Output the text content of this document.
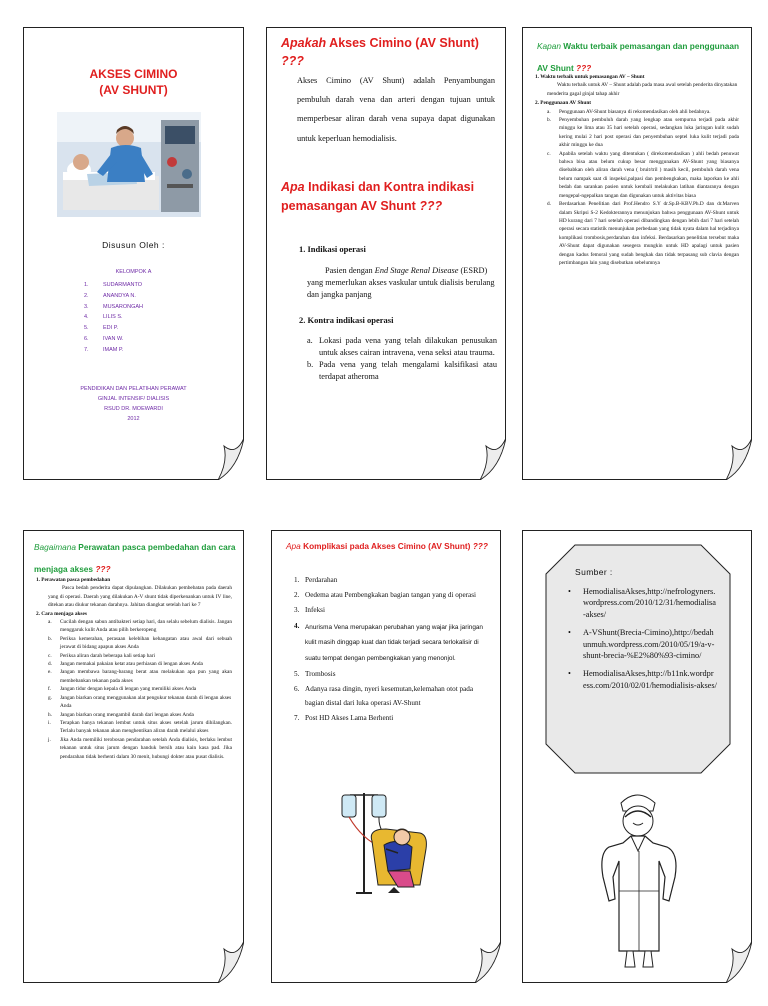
AKSES CIMINO
(AV SHUNT)
Disusun Oleh :
KELOMPOK A
1.	SUDARMANTO
2.	ANANDYA N.
3.	MUSARONGAH
4.	LILIS S.
5.	EDI P.
6.	IVAN W.
7.	IMAM P.
PENDIDIKAN DAN PELATIHAN PERAWAT
GINJAL INTENSIF/ DIALISIS
RSUD DR. MOEWARDI
2012
Apakah Akses Cimino (AV Shunt) ???

Akses Cimino (AV Shunt) adalah Penyambungan pembuluh darah vena dan arteri dengan tujuan untuk memperbesar aliran darah vena supaya dapat digunakan untuk keperluan hemodialisis.

Apa Indikasi dan Kontra indikasi pemasangan AV Shunt ???
1. Indikasi operasi

Pasien dengan End Stage Renal Disease (ESRD) yang memerlukan akses vaskular untuk dialisis berulang dan jangka panjang

2. Kontra indikasi operasi
a. Lokasi pada vena yang telah dilakukan penusukan untuk akses cairan intravena, vena seksi atau trauma.
b. Pada vena yang telah mengalami kalsifikasi atau terdapat atheroma
Kapan Waktu terbaik pemasangan dan penggunaan AV Shunt ???
1. Waktu terbaik untuk pemasangan AV – Shunt

Waktu terbaik untuk AV – Shunt adalah pada masa awal setelah penderita dinyatakan menderita gagal ginjal tahap akhir

2. Penggunaan AV Shunt
a.	Penggunaan AV-Shunt biasanya di rekomendasikan oleh ahli bedahnya.
b.	Penyembuhan pembuluh darah yang lengkap atau sempurna terjadi pada akhir minggu ke lima atau 35 hari setelah operasi, sedangkan luka jaringan kulit sudah kering mulai 2 hari post operasi dan penyembuhan septel luka kulit terjadi pada akhir minggu ke dua
c.	Apabila setelah waktu yang ditentukan ( direkomendasikan ) ahli bedah penuwat bahwa bisa atau belum cukup besar menggunakan AV-Shunt yang biasanya disebabkan oleh aliran darah vena ( bruit/tril ) masih kecil, pembuluh darah vena belum nampak saat di inspeksi,palpasi dan pembengkakan, maka laporkan ke ahli bedah dan sarankan pasien untuk kembali melakukan latihan diantaranya dengan mengepal-ngepalkan tangan dan digunakan untuk aktivitas biasa
d.	Berdasarkan Penelitian dari Prof.Hendro S.Y dr.Sp.B-KBV.Ph.D dan dr.Marven dalam Skripsi S-2 Kedokterannya menunjukan bahwa penggunaan AV-Shunt untuk HD kurang dari 7 hari setelah operasi dibandingkan dengan lebih dari 7 hari setelah operasi secara statistik menunjukan perbedaan yang tidak nyata dalam hal terjadinya komplikasi trombosis,perdarahan dan infeksi. Berdasarkan penelitian tersebut maka AV-Shunt dapat digunakan sesegera mungkin untuk HD apalagi untuk pasien dengan kadus femoral yang sudah bengkak dan tidak terpasang sub clavia dengan pertimbangan lain yang disebutkan sebelumnya
Bagaimana Perawatan pasca pembedahan dan cara menjaga akses ???
1. Perawatan pasca pembedahan

Pasca bedah penderita dapat dipulangkan. Dilakukan pembebatan pada daerah yang di operasi. Daerah yang dilakukan A-V shunt tidak diperkenankan untuk IV line, ditekan atau diukur tekanan darahnya. Jahitan diangkat setelah hari ke 7

2. Cara menjaga akses
a.	Cucilah dengan sabun antibakteri setiap hari, dan selalu sebelum dialisis. Jangan menggaruk kulit Anda atau pilih berkeropeng
b.	Periksa kemerahan, perasaan kelebihan kehangatan atau awal dari sebuah jerawat di bidang apapun akses Anda
c.	Periksa aliran darah beberapa kali setiap hari
d.	Jangan memakai pakaian ketat atau perhiasan di lengan akses Anda
e.	Jangan membawa barang-barang berat atau melakukan apa pun yang akan membebankan tekanan pada akses
f.	Jangan tidur dengan kepala di lengan yang memiliki akses Anda
g.	Jangan biarkan orang menggunakan alat pengukur tekanan darah di lengan akses Anda
h.	Jangan biarkan orang mengambil darah dari lengan akses Anda
i.	Terapkan hanya tekanan lembut untuk situs akses setelah jarum dihilangkan. Terlalu banyak tekanan akan menghentikan aliran darah melalui akses
j.	Jika Anda memiliki terobosan pendarahan setelah Anda dialisis, berlaku lembut tekanan untuk situs jarum dengan handuk bersih atau kain kasa pad. Jika pendarahan tidak berhenti dalam 30 menit, hubungi dokter atau pusat dialisis.
Apa Komplikasi pada Akses Cimino (AV Shunt) ???
1. Perdarahan
2. Oedema atau Pembengkakan bagian tangan yang di operasi
3. Infeksi
4. Anurisma Vena merupakan perubahan yang wajar jika jaringan kulit masih dinggap kuat dan tidak terjadi secara terlokalisir di suatu tempat dengan pembengkakan yang menonjol.
5. Trombosis
6. Adanya rasa dingin, nyeri kesemutan,kelemahan otot pada bagian distal dari luka operasi AV-Shunt
7. Post HD Akses Lama Berhenti
Sumber :
• HemodialisaAkses,http://nefrologyners.wordpress.com/2010/12/31/hemodialisa-akses/
• A-VShunt(Brecia-Cimino),http://bedahunmuh.wordpress.com/2010/05/19/a-v-shunt-brecia-%E2%80%93-cimino/
• HemodialisaAkses,http://b11nk.wordpress.com/2010/02/01/hemodialisis-akses/
